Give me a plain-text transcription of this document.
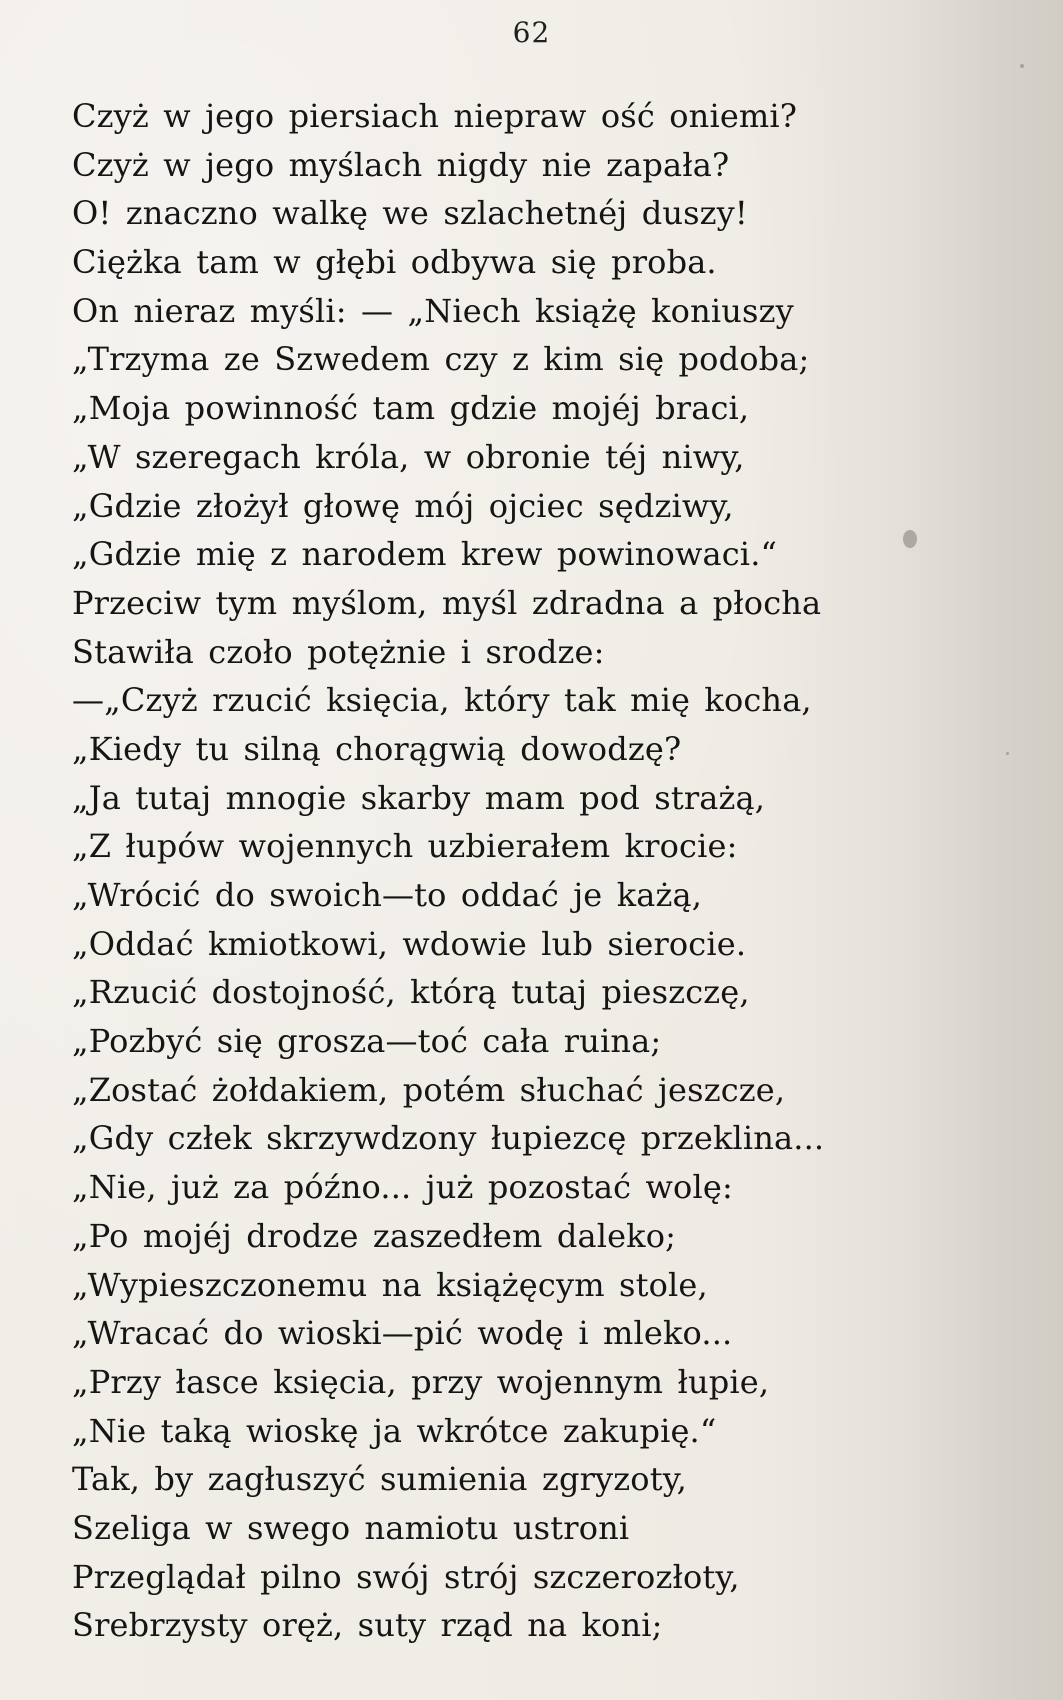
62
Czyż w jego piersiach niepraw ość oniemi?
Czyż w jego myślach nigdy nie zapała?
O! znaczno walkę we szlachetnéj duszy!
Ciężka tam w głębi odbywa się proba.
On nieraz myśli: — „Niech książę koniuszy
„Trzyma ze Szwedem czy z kim się podoba;
„Moja powinność tam gdzie mojéj braci,
„W szeregach króla, w obronie téj niwy,
„Gdzie złożył głowę mój ojciec sędziwy,
„Gdzie mię z narodem krew powinowaci.“
Przeciw tym myślom, myśl zdradna a płocha
Stawiła czoło potężnie i srodze:
—„Czyż rzucić księcia, który tak mię kocha,
„Kiedy tu silną chorągwią dowodzę?
„Ja tutaj mnogie skarby mam pod strażą,
„Z łupów wojennych uzbierałem krocie:
„Wrócić do swoich—to oddać je każą,
„Oddać kmiotkowi, wdowie lub sierocie.
„Rzucić dostojność, którą tutaj pieszczę,
„Pozbyć się grosza—toć cała ruina;
„Zostać żołdakiem, potém słuchać jeszcze,
„Gdy człek skrzywdzony łupiezcę przeklina...
„Nie, już za późno... już pozostać wolę:
„Po mojéj drodze zaszedłem daleko;
„Wypieszczonemu na książęcym stole,
„Wracać do wioski—pić wodę i mleko...
„Przy łasce księcia, przy wojennym łupie,
„Nie taką wioskę ja wkrótce zakupię.“
Tak, by zagłuszyć sumienia zgryzoty,
Szeliga w swego namiotu ustroni
Przeglądał pilno swój strój szczerozłoty,
Srebrzysty oręż, suty rząd na koni;
